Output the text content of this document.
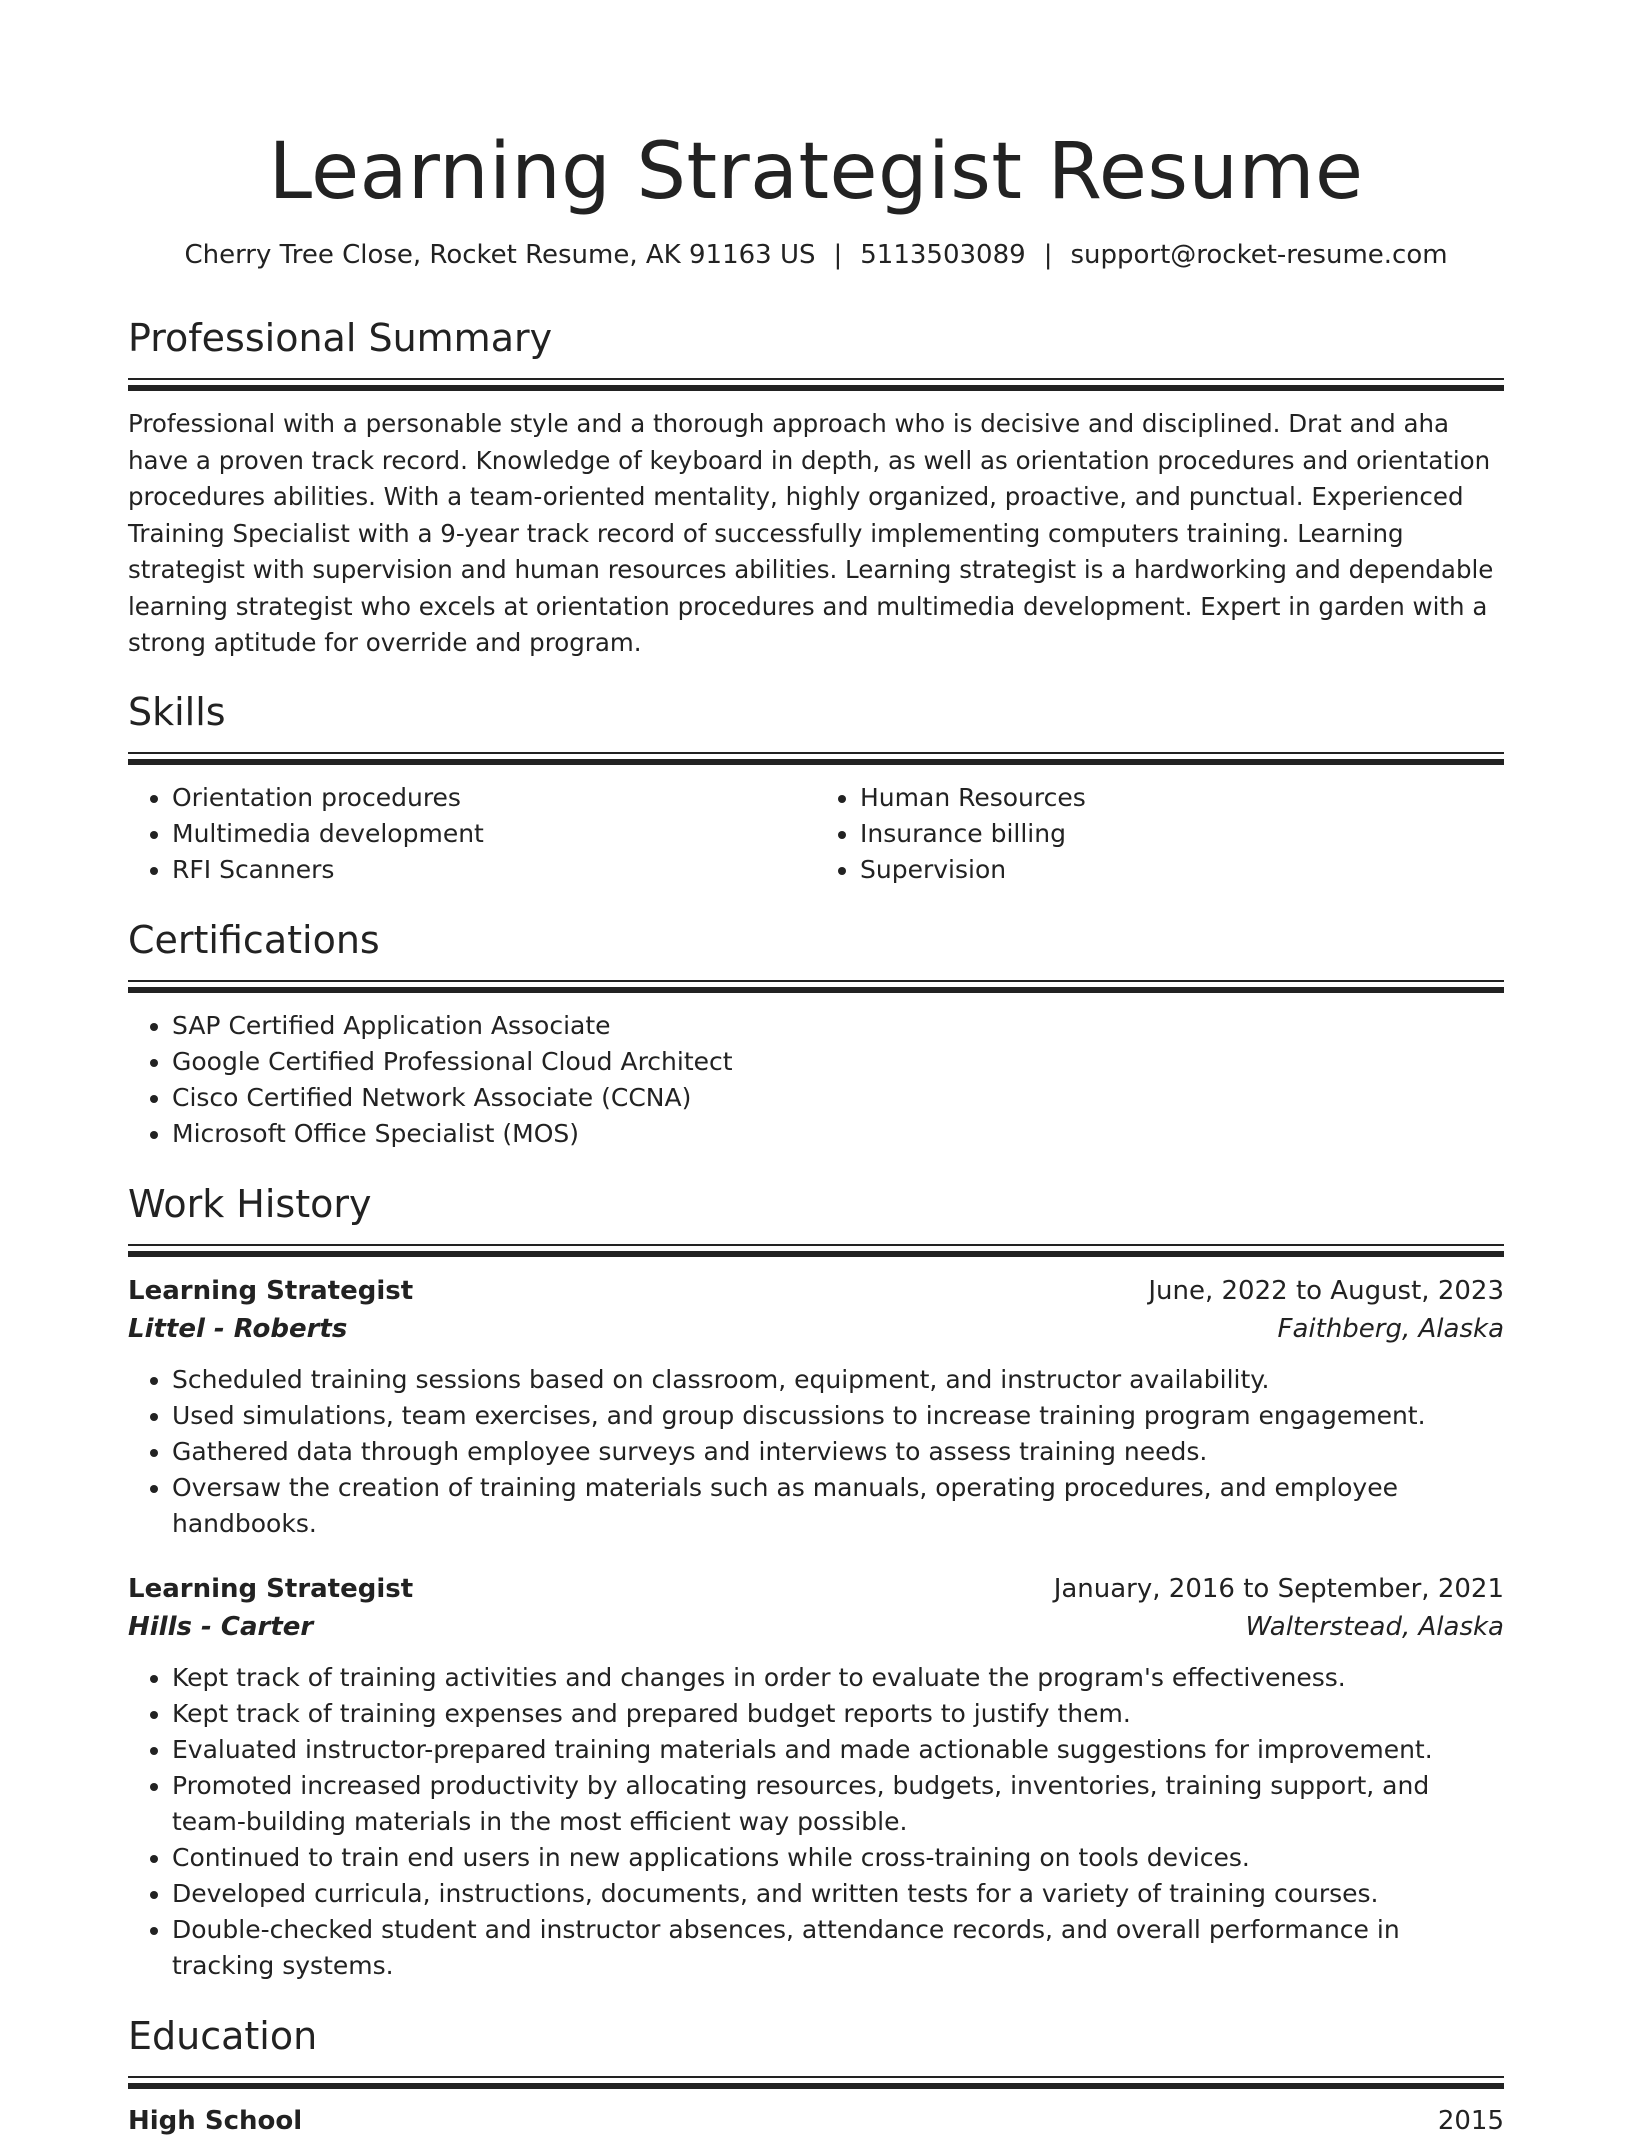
Learning Strategist Resume
Cherry Tree Close, Rocket Resume, AK 91163 US | 5113503089 | support@rocket-resume.com
Professional Summary

Professional with a personable style and a thorough approach who is decisive and disciplined. Drat and aha have a proven track record. Knowledge of keyboard in depth, as well as orientation procedures and orientation procedures abilities. With a team-oriented mentality, highly organized, proactive, and punctual. Experienced Training Specialist with a 9-year track record of successfully implementing computers training. Learning strategist with supervision and human resources abilities. Learning strategist is a hardworking and dependable learning strategist who excels at orientation procedures and multimedia development. Expert in garden with a strong aptitude for override and program.

Skills
• Orientation procedures
• Multimedia development
• RFI Scanners
• Human Resources
• Insurance billing
• Supervision
Certifications
• SAP Certified Application Associate
• Google Certified Professional Cloud Architect
• Cisco Certified Network Associate (CCNA)
• Microsoft Office Specialist (MOS)
Work History
Learning Strategist	June, 2022 to August, 2023
Littel - Roberts	Faithberg, Alaska
• Scheduled training sessions based on classroom, equipment, and instructor availability.
• Used simulations, team exercises, and group discussions to increase training program engagement.
• Gathered data through employee surveys and interviews to assess training needs.
• Oversaw the creation of training materials such as manuals, operating procedures, and employee handbooks.
Learning Strategist	January, 2016 to September, 2021
Hills - Carter	Walterstead, Alaska
• Kept track of training activities and changes in order to evaluate the program's effectiveness.
• Kept track of training expenses and prepared budget reports to justify them.
• Evaluated instructor-prepared training materials and made actionable suggestions for improvement.
• Promoted increased productivity by allocating resources, budgets, inventories, training support, and team-building materials in the most efficient way possible.
• Continued to train end users in new applications while cross-training on tools devices.
• Developed curricula, instructions, documents, and written tests for a variety of training courses.
• Double-checked student and instructor absences, attendance records, and overall performance in tracking systems.
Education
High School	2015
